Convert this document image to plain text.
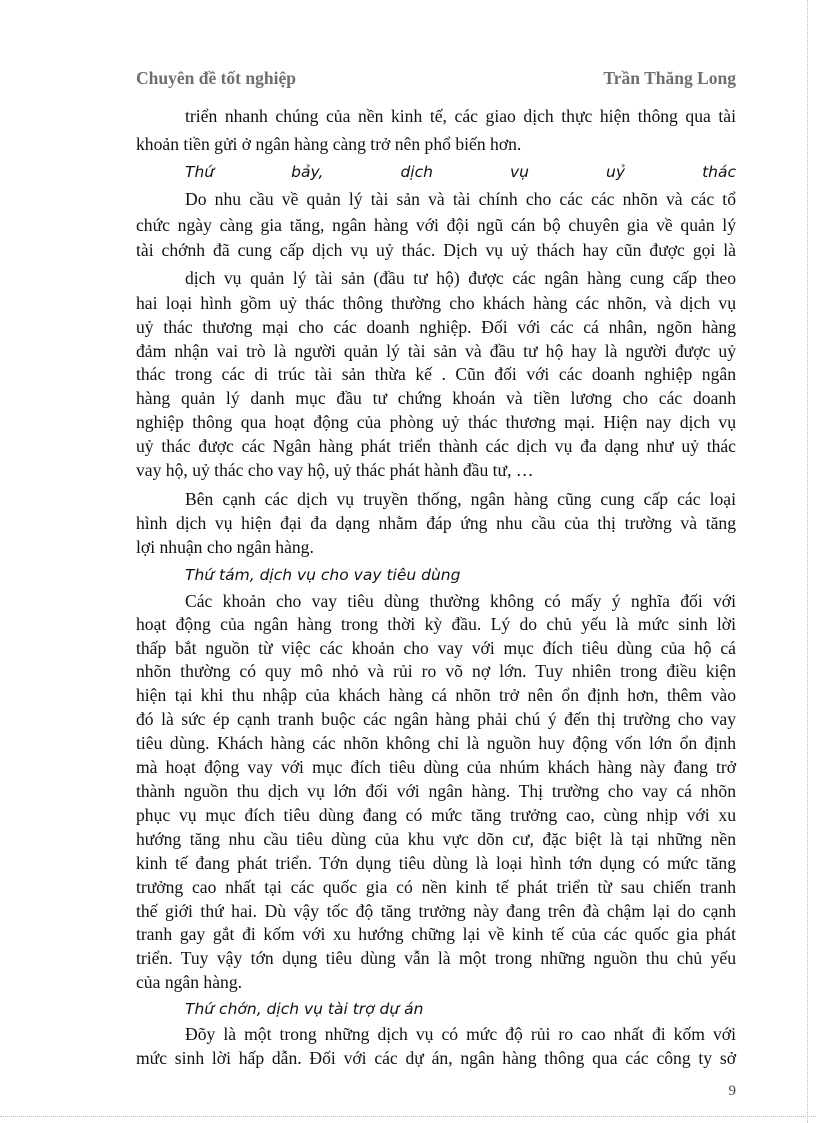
Chuyên đề tốt nghiệp	Trần Thăng Long
triển nhanh chúng của nền kinh tế, các giao dịch thực hiện thông qua tài
khoản tiền gửi ở ngân hàng càng trở nên phổ biến hơn.
Thứ bảy, dịch vụ uỷ thác
Do nhu cầu về quản lý tài sản và tài chính cho các các nhõn và các tổ
chức ngày càng gia tăng, ngân hàng với đội ngũ cán bộ chuyên gia về quản lý
tài chớnh đã cung cấp dịch vụ uỷ thác. Dịch vụ uỷ thách hay cũn được gọi là
dịch vụ quản lý tài sản (đầu tư hộ) được các ngân hàng cung cấp theo
hai loại hình gồm uỷ thác thông thường cho khách hàng các nhõn, và dịch vụ
uỷ thác thương mại cho các doanh nghiệp. Đối với các cá nhân, ngõn hàng
đảm nhận vai trò là người quản lý tài sản và đầu tư hộ hay là người được uỷ
thác trong các di trúc tài sản thừa kế . Cũn đối với các doanh nghiệp ngân
hàng quản lý danh mục đầu tư chứng khoán và tiền lương cho các doanh
nghiệp thông qua hoạt động của phòng uỷ thác thương mại. Hiện nay dịch vụ
uỷ thác được các Ngân hàng phát triển thành các dịch vụ đa dạng như uỷ thác
vay hộ, uỷ thác cho vay hộ, uỷ thác phát hành đầu tư, …
Bên cạnh các dịch vụ truyền thống, ngân hàng cũng cung cấp các loại
hình dịch vụ hiện đại đa dạng nhằm đáp ứng nhu cầu của thị trường và tăng
lợi nhuận cho ngân hàng.
Thứ tám, dịch vụ cho vay tiêu dùng
Các khoản cho vay tiêu dùng thường không có mấy ý nghĩa đối với
hoạt động của ngân hàng trong thời kỳ đầu. Lý do chủ yếu là mức sinh lời
thấp bắt nguồn từ việc các khoản cho vay với mục đích tiêu dùng của hộ cá
nhõn thường có quy mô nhỏ và rủi ro võ nợ lớn. Tuy nhiên trong điều kiện
hiện tại khi thu nhập của khách hàng cá nhõn trở nên ổn định hơn, thêm vào
đó là sức ép cạnh tranh buộc các ngân hàng phải chú ý đến thị trường cho vay
tiêu dùng. Khách hàng các nhõn không chỉ là nguồn huy động vốn lớn ổn định
mà hoạt động vay với mục đích tiêu dùng của nhúm khách hàng này đang trở
thành nguồn thu dịch vụ lớn đối với ngân hàng. Thị trường cho vay cá nhõn
phục vụ mục đích tiêu dùng đang có mức tăng trưởng cao, cùng nhịp với xu
hướng tăng nhu cầu tiêu dùng của khu vực dõn cư, đặc biệt là tại những nền
kinh tế đang phát triển. Tớn dụng tiêu dùng là loại hình tớn dụng có mức tăng
trưởng cao nhất tại các quốc gia có nền kinh tế phát triển từ sau chiến tranh
thế giới thứ hai. Dù vậy tốc độ tăng trưởng này đang trên đà chậm lại do cạnh
tranh gay gắt đi kốm với xu hướng chững lại về kinh tế của các quốc gia phát
triển. Tuy vậy tớn dụng tiêu dùng vẫn là một trong những nguồn thu chủ yếu
của ngân hàng.
Thứ chớn, dịch vụ tài trợ dự án
Đõy là một trong những dịch vụ có mức độ rủi ro cao nhất đi kốm với
mức sinh lời hấp dẫn. Đối với các dự án, ngân hàng thông qua các công ty sở
9
